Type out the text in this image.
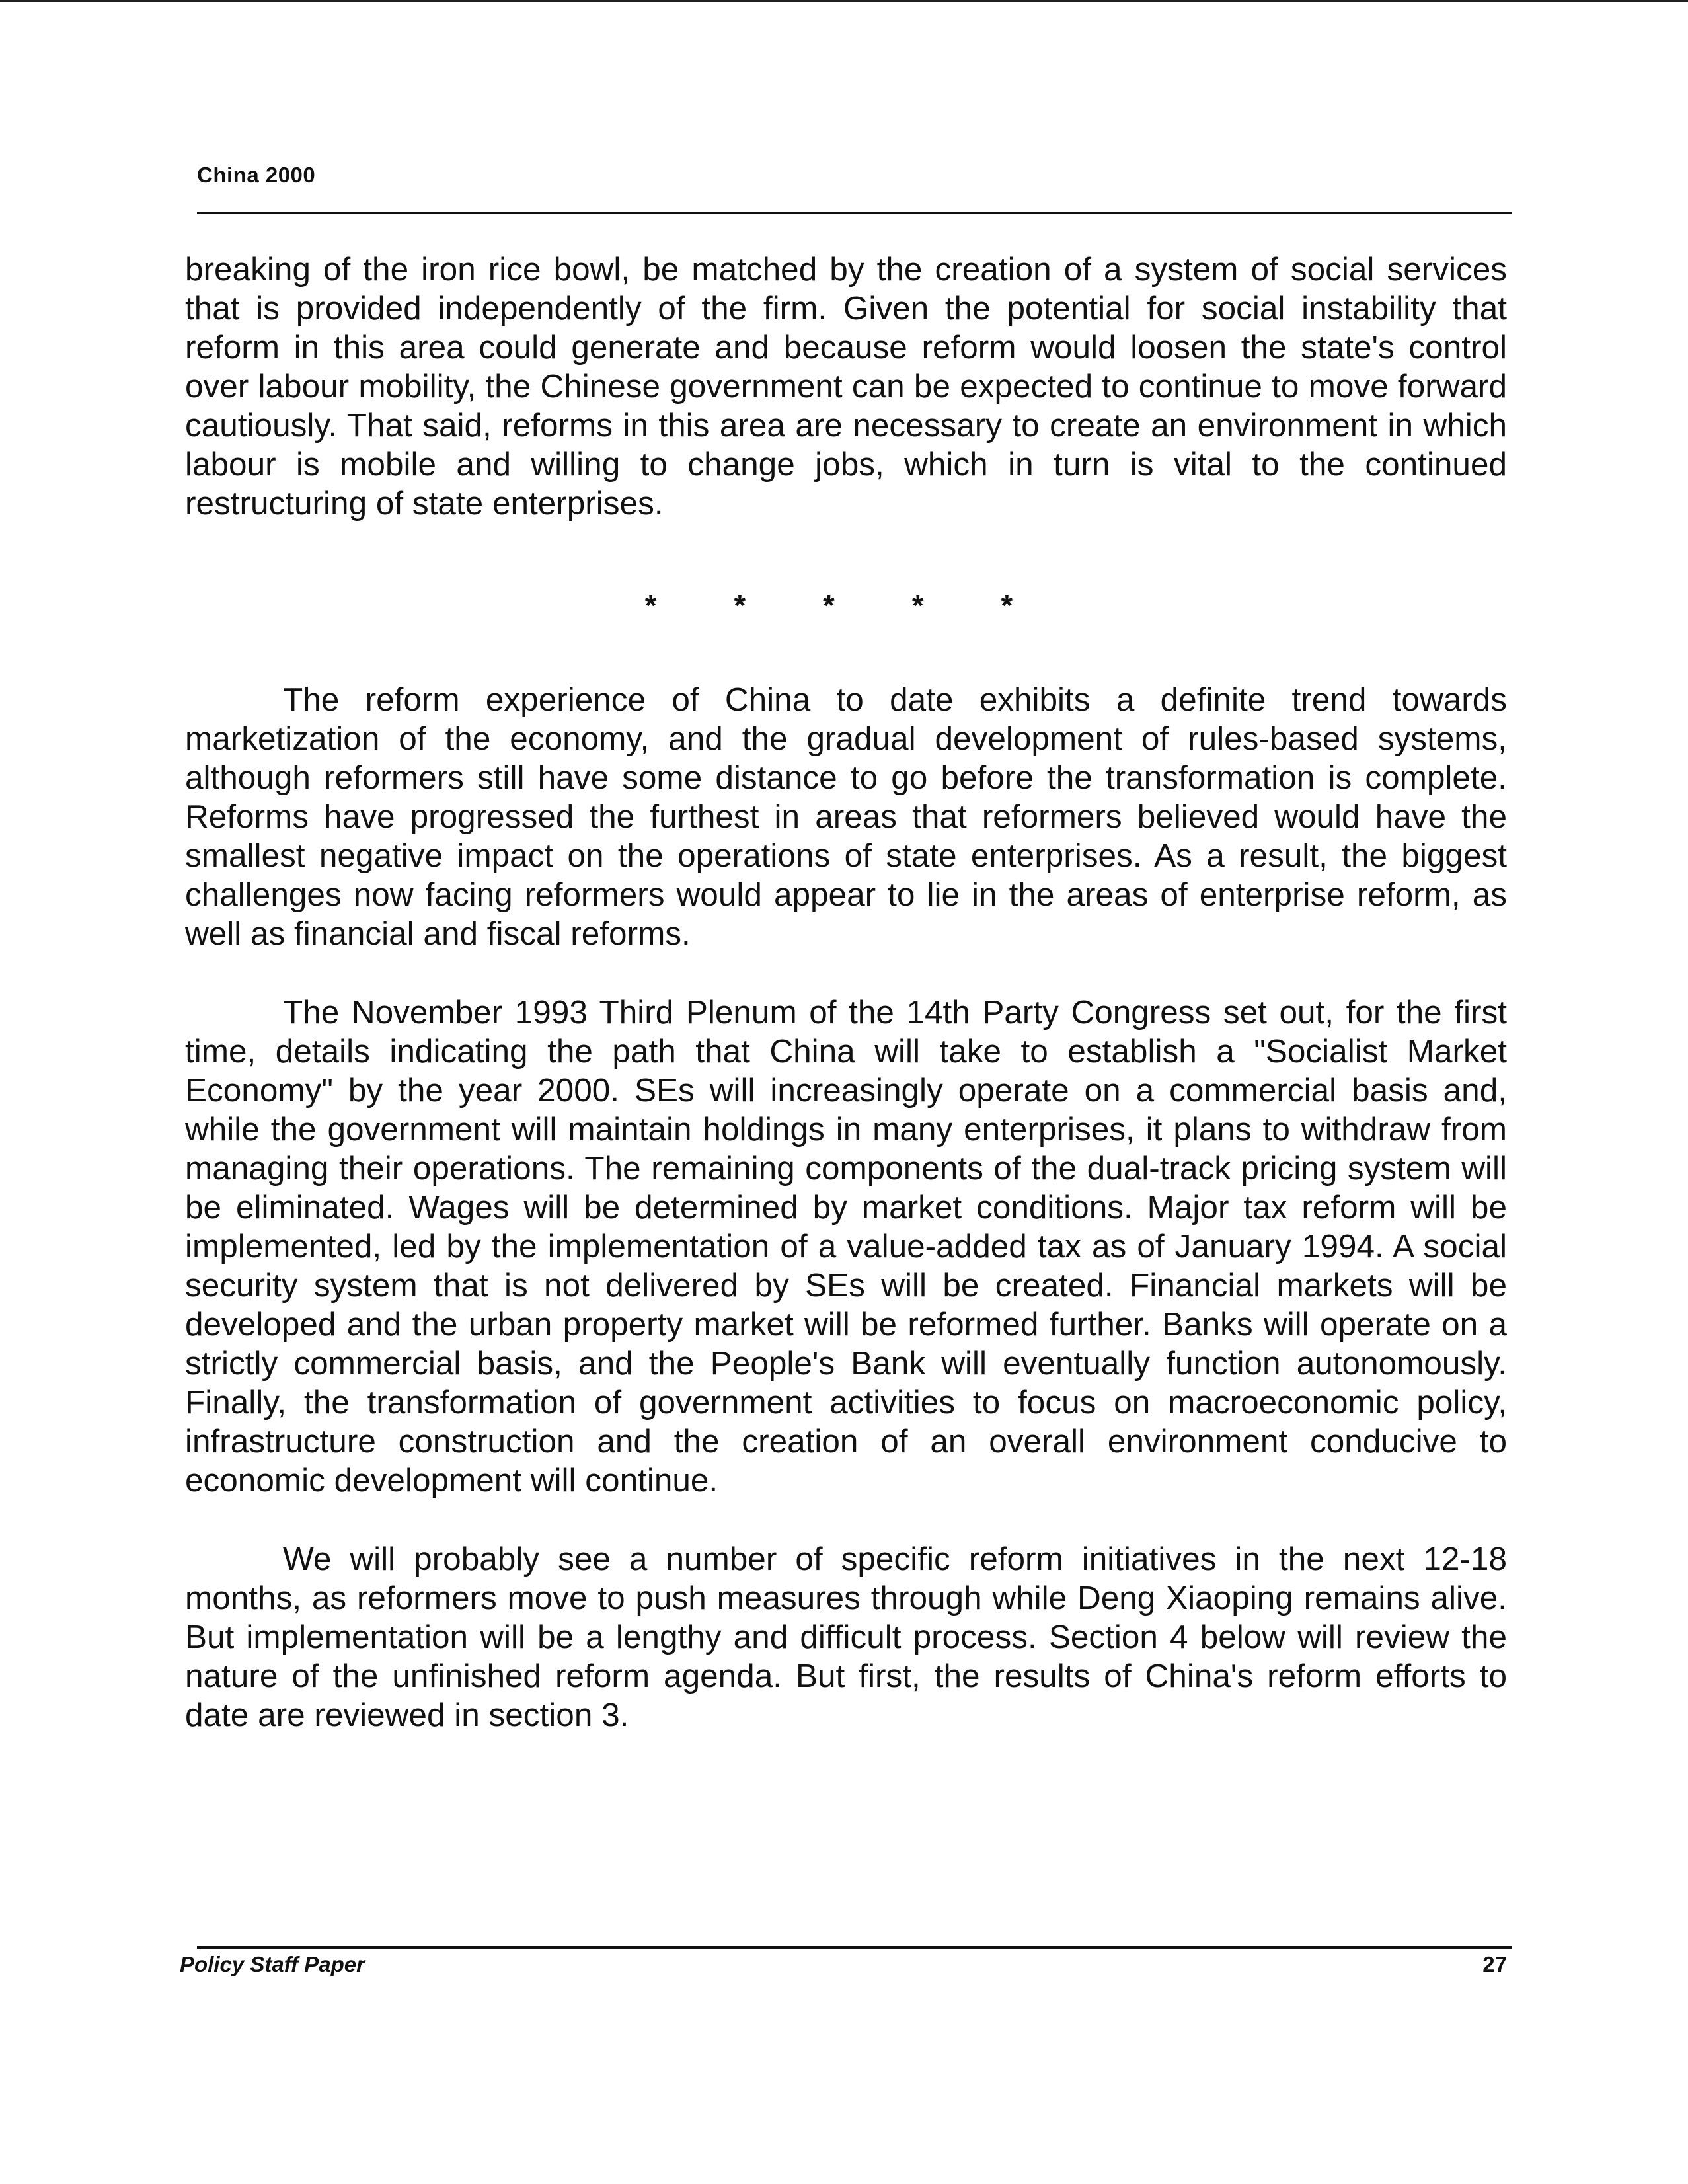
China 2000

breaking of the iron rice bowl, be matched by the creation of a system of social services that is provided independently of the firm. Given the potential for social instability that reform in this area could generate and because reform would loosen the state's control over labour mobility, the Chinese government can be expected to continue to move forward cautiously. That said, reforms in this area are necessary to create an environment in which labour is mobile and willing to change jobs, which in turn is vital to the continued restructuring of state enterprises.

* * * * *

The reform experience of China to date exhibits a definite trend towards marketization of the economy, and the gradual development of rules-based systems, although reformers still have some distance to go before the transformation is complete. Reforms have progressed the furthest in areas that reformers believed would have the smallest negative impact on the operations of state enterprises. As a result, the biggest challenges now facing reformers would appear to lie in the areas of enterprise reform, as well as financial and fiscal reforms.

The November 1993 Third Plenum of the 14th Party Congress set out, for the first time, details indicating the path that China will take to establish a "Socialist Market Economy" by the year 2000. SEs will increasingly operate on a commercial basis and, while the government will maintain holdings in many enterprises, it plans to withdraw from managing their operations. The remaining components of the dual-track pricing system will be eliminated. Wages will be determined by market conditions. Major tax reform will be implemented, led by the implementation of a value-added tax as of January 1994. A social security system that is not delivered by SEs will be created. Financial markets will be developed and the urban property market will be reformed further. Banks will operate on a strictly commercial basis, and the People's Bank will eventually function autonomously. Finally, the transformation of government activities to focus on macroeconomic policy, infrastructure construction and the creation of an overall environment conducive to economic development will continue.

We will probably see a number of specific reform initiatives in the next 12-18 months, as reformers move to push measures through while Deng Xiaoping remains alive. But implementation will be a lengthy and difficult process. Section 4 below will review the nature of the unfinished reform agenda. But first, the results of China's reform efforts to date are reviewed in section 3.

Policy Staff Paper	27
